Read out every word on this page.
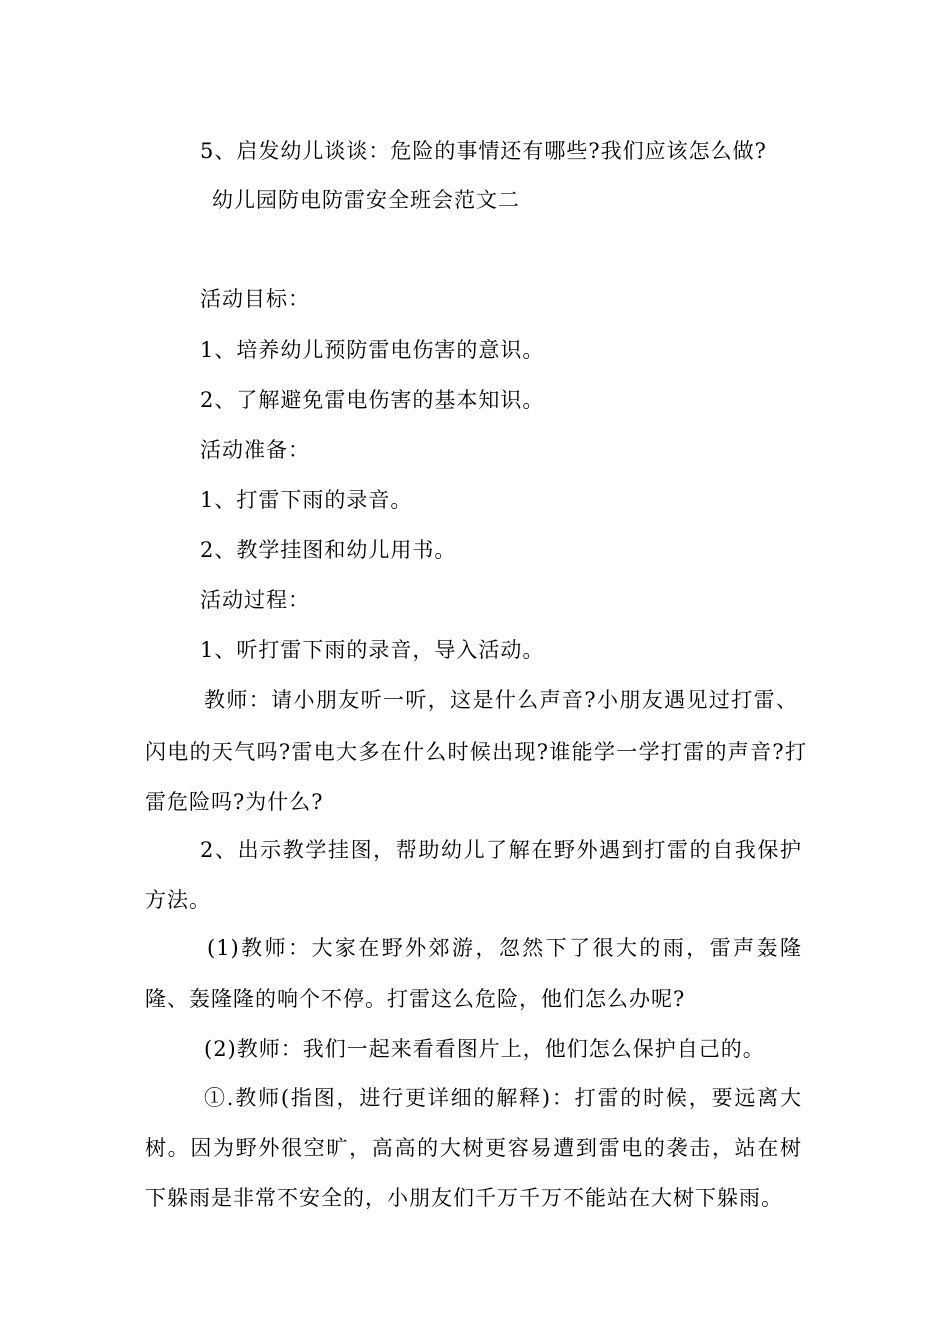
5、启发幼儿谈谈：危险的事情还有哪些?我们应该怎么做?
幼儿园防电防雷安全班会范文二
活动目标：
1、培养幼儿预防雷电伤害的意识。
2、了解避免雷电伤害的基本知识。
活动准备：
1、打雷下雨的录音。
2、教学挂图和幼儿用书。
活动过程：
1、听打雷下雨的录音，导入活动。
教师：请小朋友听一听，这是什么声音?小朋友遇见过打雷、
闪电的天气吗?雷电大多在什么时候出现?谁能学一学打雷的声音?打
雷危险吗?为什么?
2、出示教学挂图，帮助幼儿了解在野外遇到打雷的自我保护
方法。
(1)教师：大家在野外郊游，忽然下了很大的雨，雷声轰隆
隆、轰隆隆的响个不停。打雷这么危险，他们怎么办呢?
(2)教师：我们一起来看看图片上，他们怎么保护自己的。
①.教师(指图，进行更详细的解释)：打雷的时候，要远离大
树。因为野外很空旷，高高的大树更容易遭到雷电的袭击，站在树
下躲雨是非常不安全的，小朋友们千万千万不能站在大树下躲雨。
